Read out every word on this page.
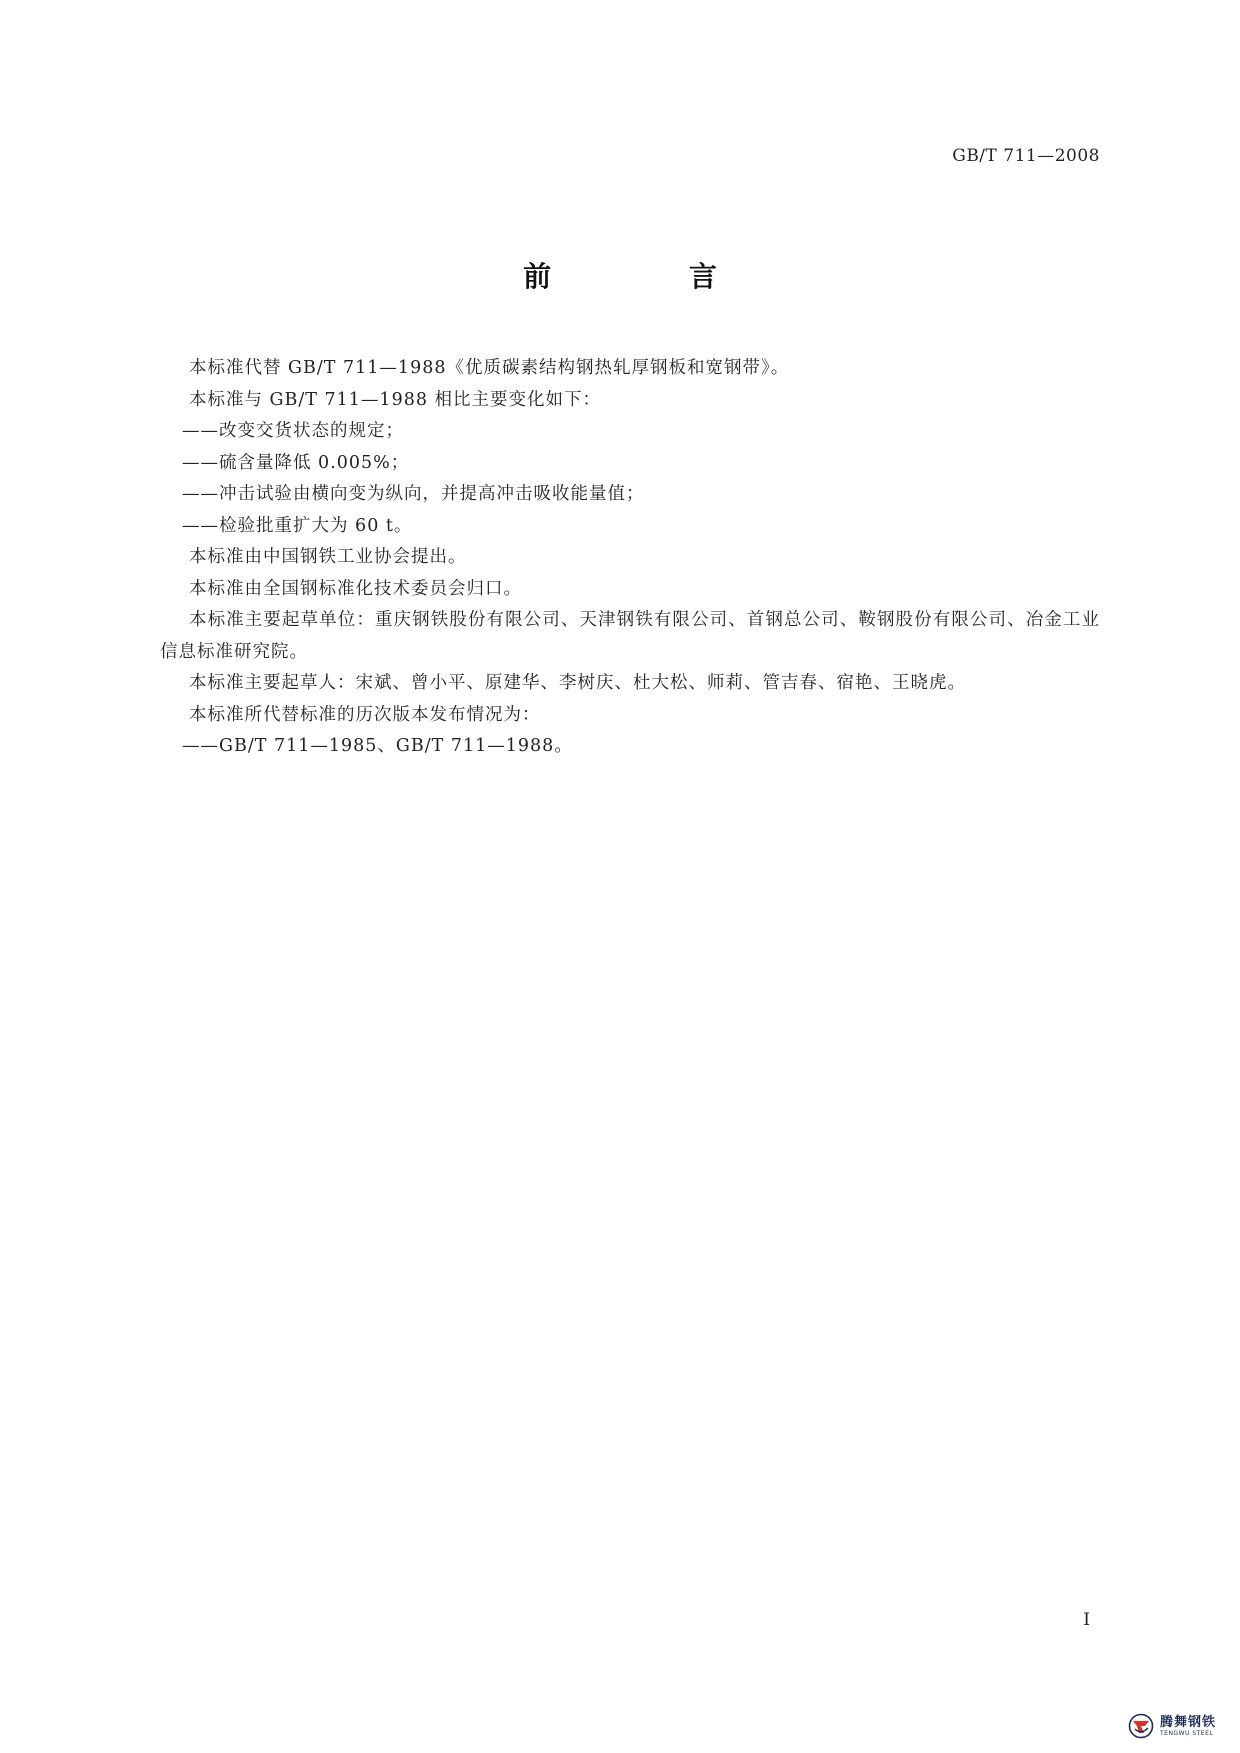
GB/T 711—2008
前 言

本标准代替 GB/T 711—1988《优质碳素结构钢热轧厚钢板和宽钢带》。

本标准与 GB/T 711—1988 相比主要变化如下：

——改变交货状态的规定；

——硫含量降低 0.005%；

——冲击试验由横向变为纵向，并提高冲击吸收能量值；

——检验批重扩大为 60 t。

本标准由中国钢铁工业协会提出。

本标准由全国钢标准化技术委员会归口。

本标准主要起草单位：重庆钢铁股份有限公司、天津钢铁有限公司、首钢总公司、鞍钢股份有限公司、冶金工业信息标准研究院。

本标准主要起草人：宋斌、曾小平、原建华、李树庆、杜大松、师莉、管吉春、宿艳、王晓虎。

本标准所代替标准的历次版本发布情况为：

——GB/T 711—1985、GB/T 711—1988。

I
腾舞钢铁
TENGWU STEEL
